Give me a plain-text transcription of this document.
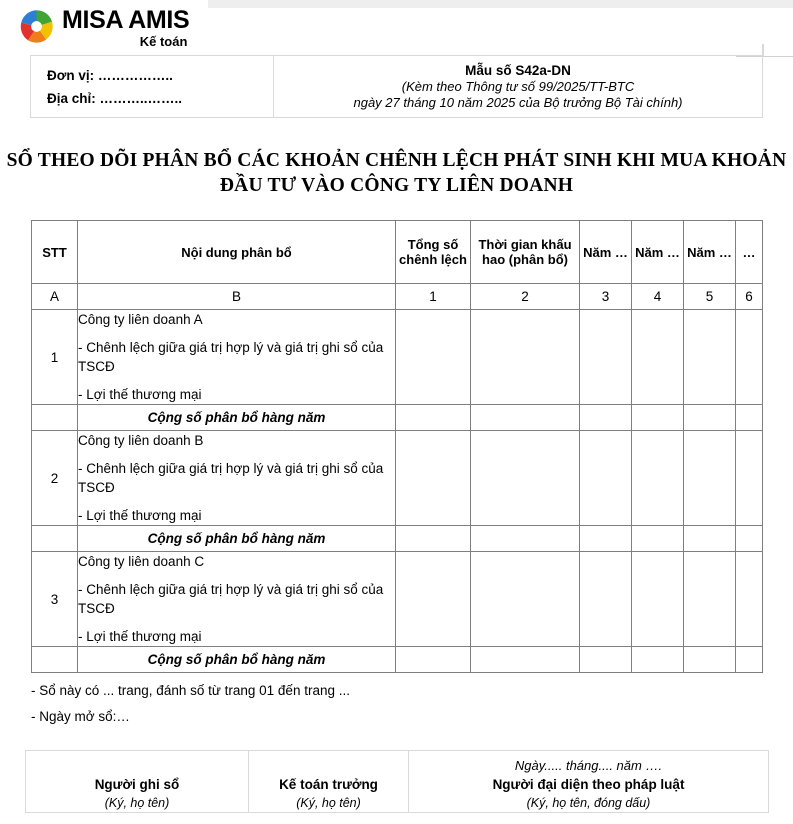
MISA AMIS
Kế toán
Đơn vị: ……………..
Địa chỉ: ………..……..
Mẫu số S42a-DN
(Kèm theo Thông tư số 99/2025/TT-BTC
ngày 27 tháng 10 năm 2025 của Bộ trưởng Bộ Tài chính)
SỔ THEO DÕI PHÂN BỔ CÁC KHOẢN CHÊNH LỆCH PHÁT SINH KHI MUA KHOẢN
ĐẦU TƯ VÀO CÔNG TY LIÊN DOANH
STT	Nội dung phân bổ	Tổng số chênh lệch	Thời gian khấu hao (phân bổ)	Năm …	Năm …	Năm …	…
A	B	1	2	3	4	5	6
1	Công ty liên doanh A
- Chênh lệch giữa giá trị hợp lý và giá trị ghi sổ của TSCĐ
- Lợi thế thương mại						

	Cộng số phân bổ hàng năm						
2	Công ty liên doanh B
- Chênh lệch giữa giá trị hợp lý và giá trị ghi sổ của TSCĐ
- Lợi thế thương mại						

	Cộng số phân bổ hàng năm						
3	Công ty liên doanh C
- Chênh lệch giữa giá trị hợp lý và giá trị ghi sổ của TSCĐ
- Lợi thế thương mại						

	Cộng số phân bổ hàng năm						
- Sổ này có ... trang, đánh số từ trang 01 đến trang ...
- Ngày mở sổ:…
Người ghi sổ
(Ký, họ tên)

Kế toán trưởng
(Ký, họ tên)

Ngày..... tháng.... năm ….
Người đại diện theo pháp luật
(Ký, họ tên, đóng dấu)
